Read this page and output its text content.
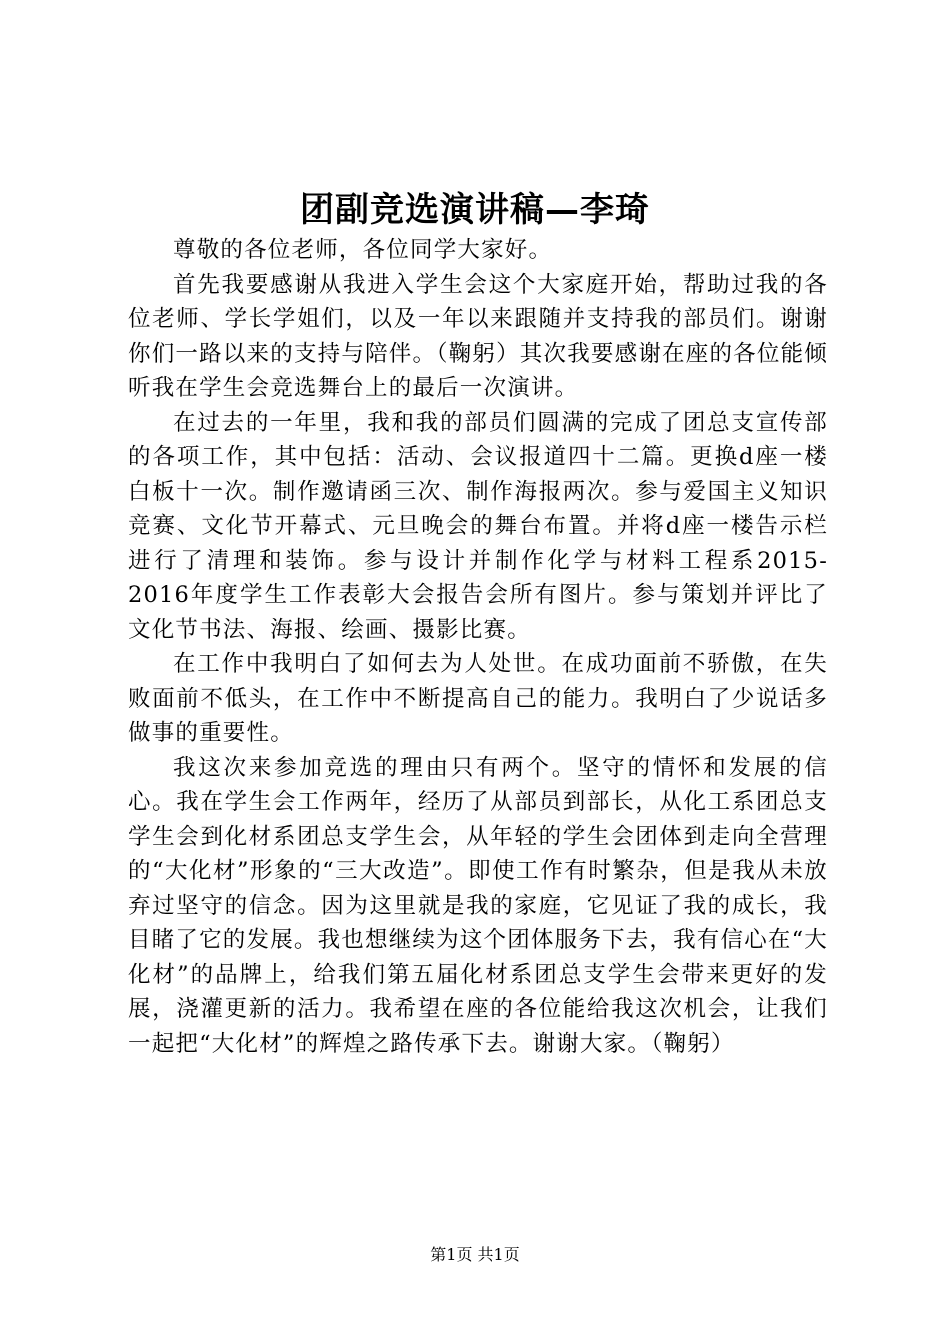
团副竞选演讲稿—李琦

尊敬的各位老师，各位同学大家好。

首先我要感谢从我进入学生会这个大家庭开始，帮助过我的各位老师、学长学姐们，以及一年以来跟随并支持我的部员们。谢谢你们一路以来的支持与陪伴。（鞠躬）其次我要感谢在座的各位能倾听我在学生会竞选舞台上的最后一次演讲。

在过去的一年里，我和我的部员们圆满的完成了团总支宣传部的各项工作，其中包括：活动、会议报道四十二篇。更换d座一楼白板十一次。制作邀请函三次、制作海报两次。参与爱国主义知识竞赛、文化节开幕式、元旦晚会的舞台布置。并将d座一楼告示栏进行了清理和装饰。参与设计并制作化学与材料工程系2015-2016年度学生工作表彰大会报告会所有图片。参与策划并评比了文化节书法、海报、绘画、摄影比赛。

在工作中我明白了如何去为人处世。在成功面前不骄傲，在失败面前不低头，在工作中不断提高自己的能力。我明白了少说话多做事的重要性。

我这次来参加竞选的理由只有两个。坚守的情怀和发展的信心。我在学生会工作两年，经历了从部员到部长，从化工系团总支学生会到化材系团总支学生会，从年轻的学生会团体到走向全营理的“大化材”形象的“三大改造”。即使工作有时繁杂，但是我从未放弃过坚守的信念。因为这里就是我的家庭，它见证了我的成长，我目睹了它的发展。我也想继续为这个团体服务下去，我有信心在“大化材”的品牌上，给我们第五届化材系团总支学生会带来更好的发展，浇灌更新的活力。我希望在座的各位能给我这次机会，让我们一起把“大化材”的辉煌之路传承下去。谢谢大家。（鞠躬）

第1页 共1页
